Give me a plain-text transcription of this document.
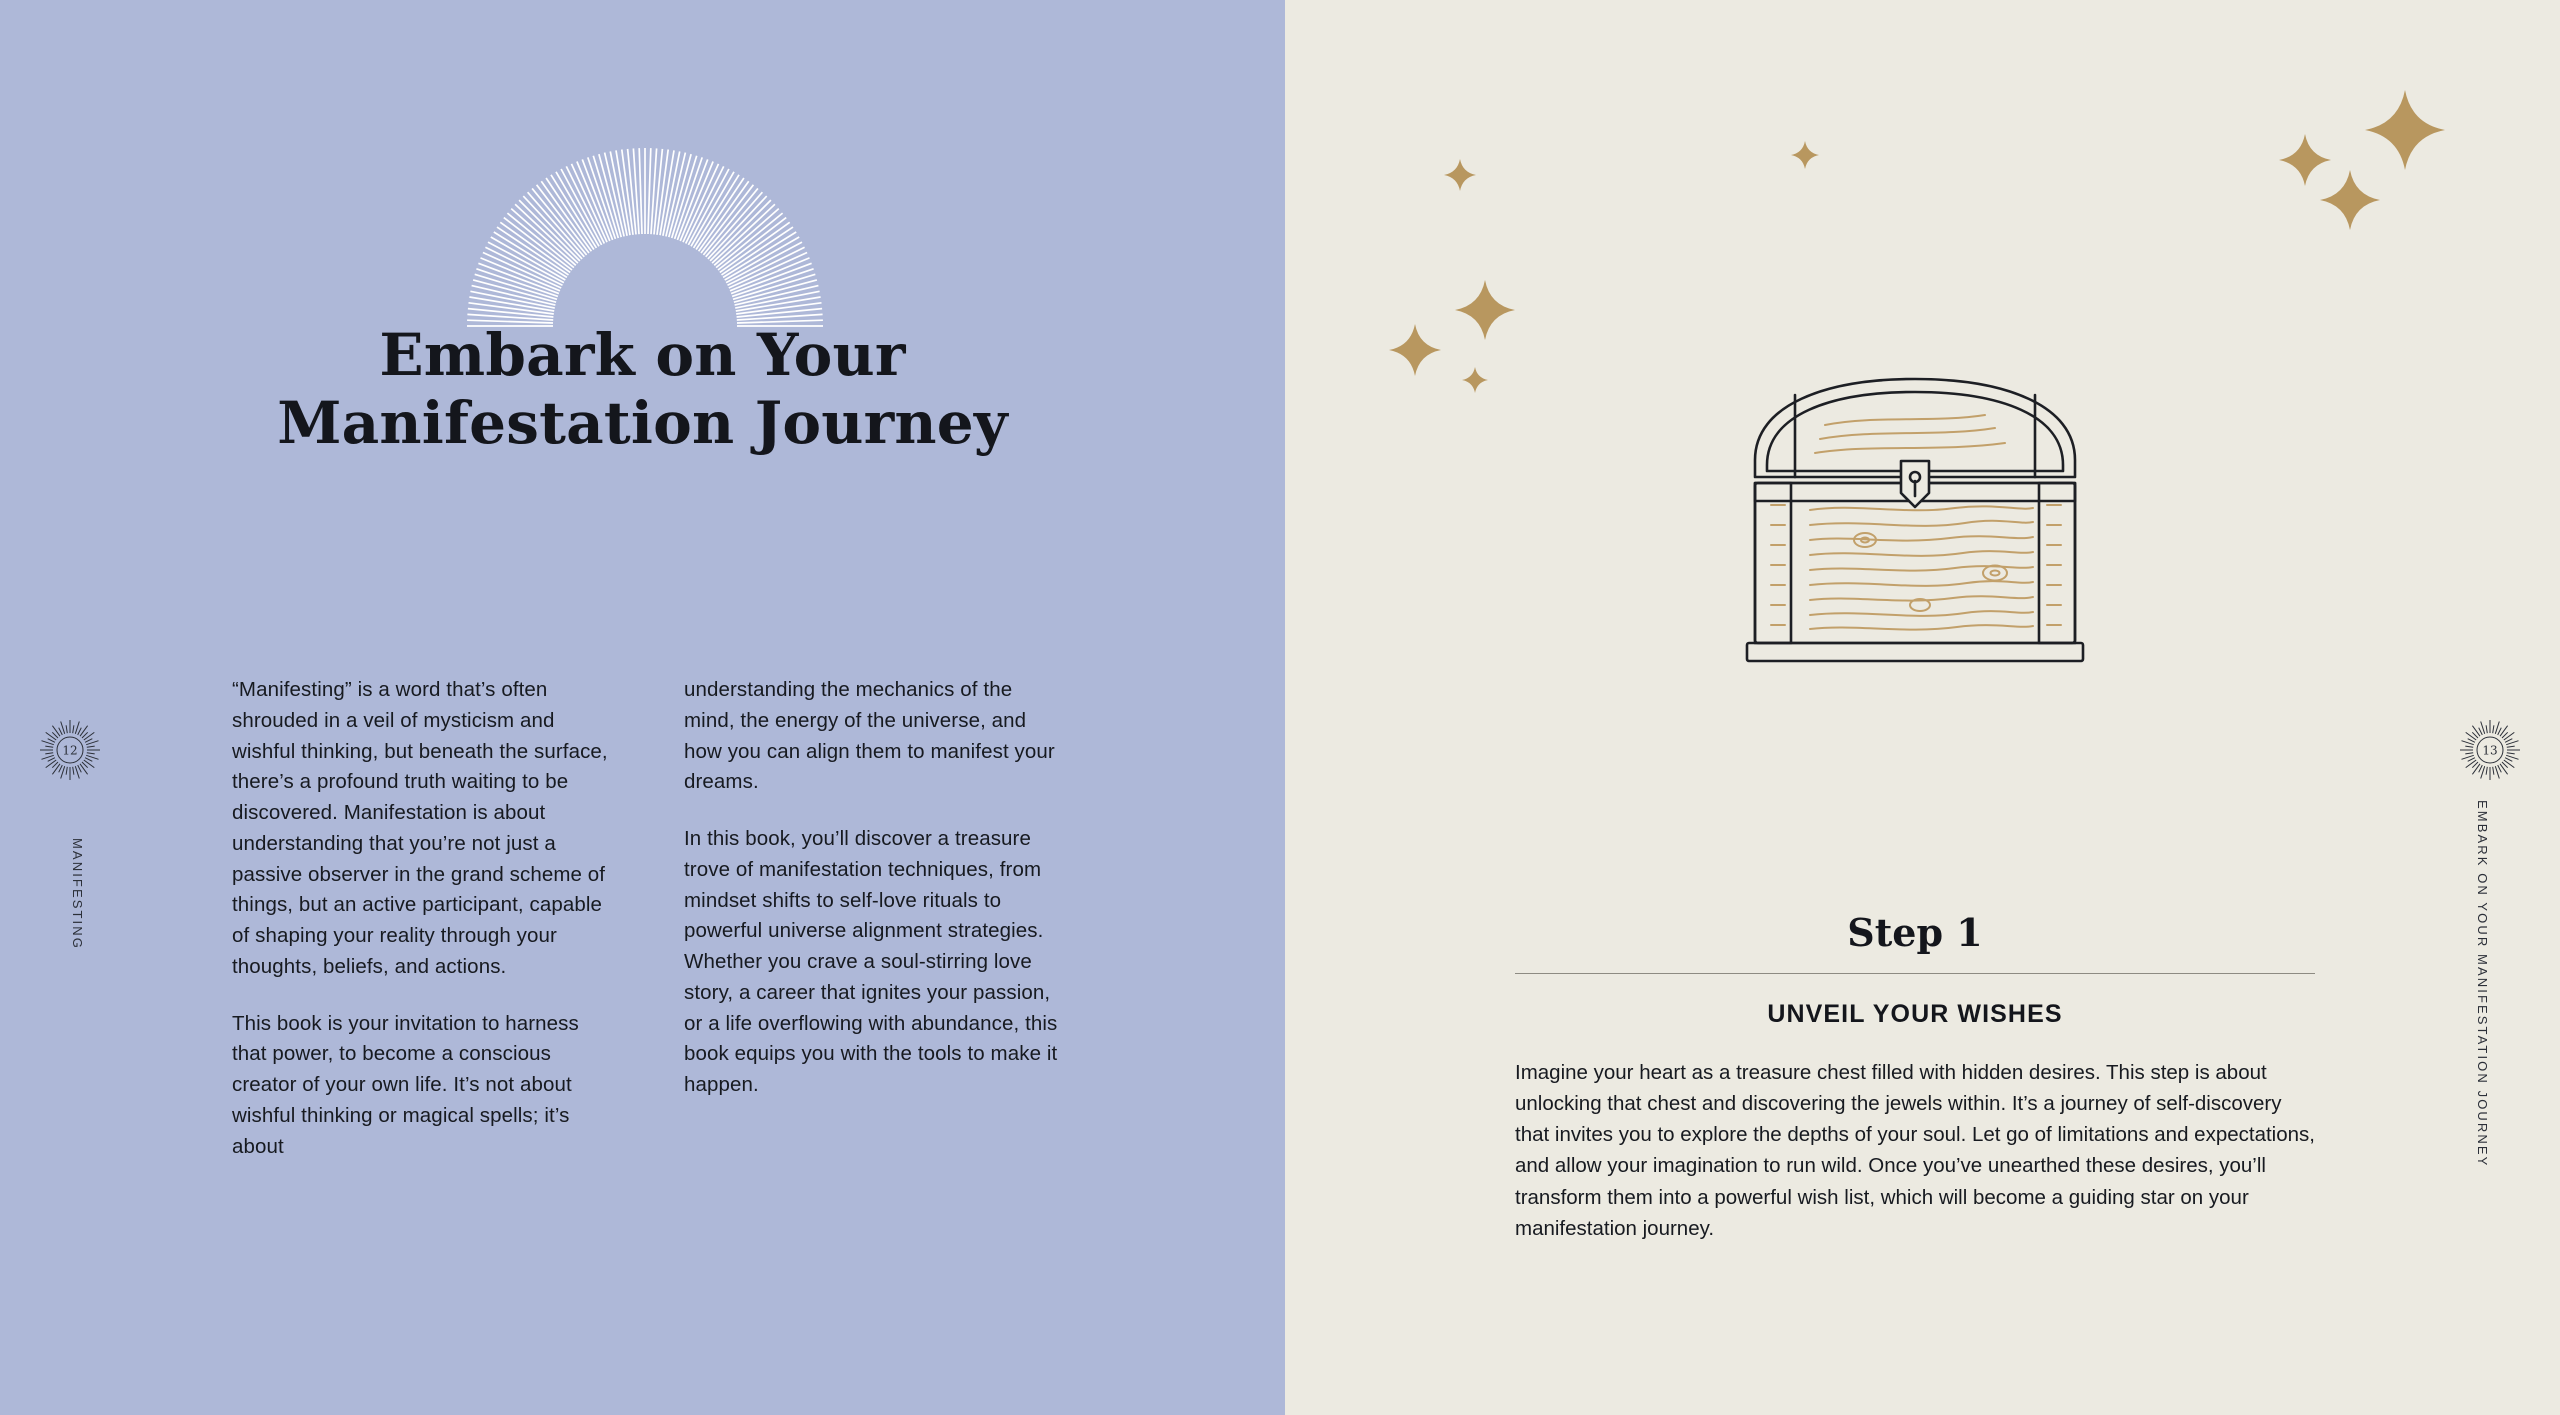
Embark on Your
Manifestation Journey

“Manifesting” is a word that’s often shrouded in a veil of mysticism and wishful thinking, but beneath the surface, there’s a profound truth waiting to be discovered. Manifestation is about understanding that you’re not just a passive observer in the grand scheme of things, but an active participant, capable of shaping your reality through your thoughts, beliefs, and actions.

This book is your invitation to harness that power, to become a conscious creator of your own life. It’s not about wishful thinking or magical spells; it’s about

understanding the mechanics of the mind, the energy of the universe, and how you can align them to manifest your dreams.

In this book, you’ll discover a treasure trove of manifestation techniques, from mindset shifts to self-love rituals to powerful universe alignment strategies. Whether you crave a soul-stirring love story, a career that ignites your passion, or a life overflowing with abundance, this book equips you with the tools to make it happen.

12
MANIFESTING	Step 1
UNVEIL YOUR WISHES

Imagine your heart as a treasure chest filled with hidden desires. This step is about unlocking that chest and discovering the jewels within. It’s a journey of self-discovery that invites you to explore the depths of your soul. Let go of limitations and expectations, and allow your imagination to run wild. Once you’ve unearthed these desires, you’ll transform them into a powerful wish list, which will become a guiding star on your manifestation journey.

13
EMBARK ON YOUR MANIFESTATION JOURNEY
